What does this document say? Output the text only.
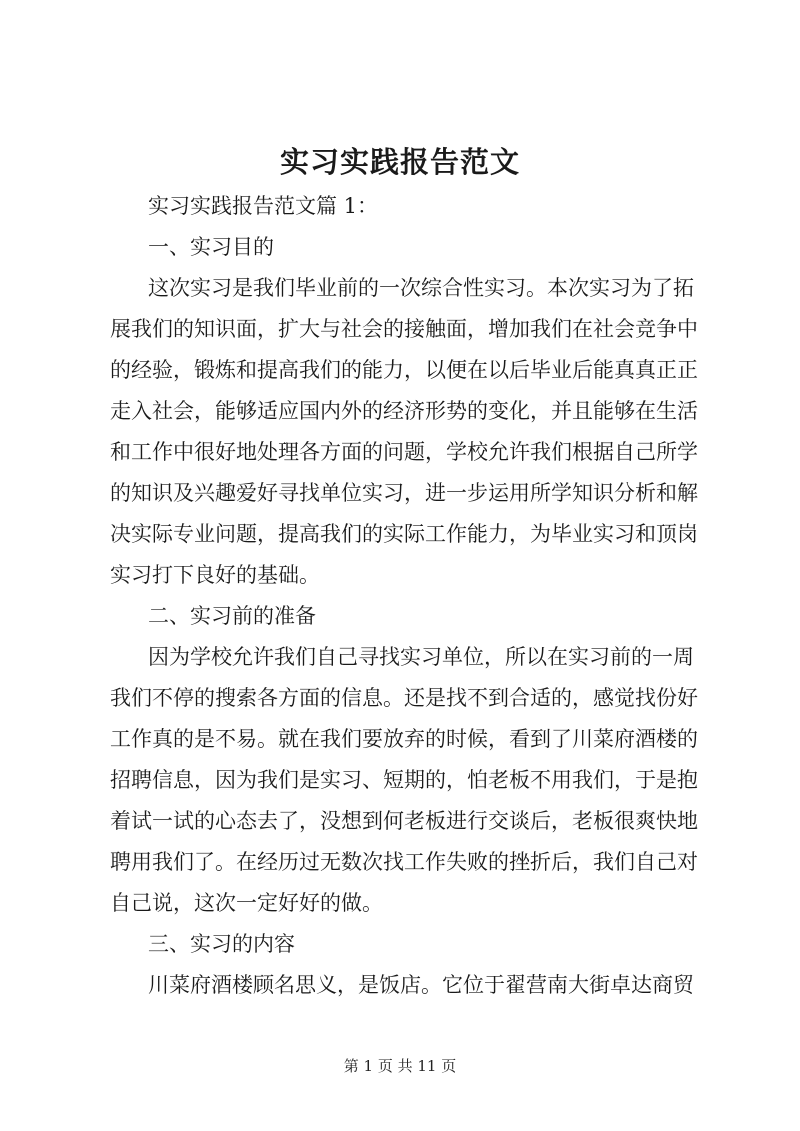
实习实践报告范文
实习实践报告范文篇 1：
一、实习目的
这次实习是我们毕业前的一次综合性实习。本次实习为了拓
展我们的知识面，扩大与社会的接触面，增加我们在社会竞争中
的经验，锻炼和提高我们的能力，以便在以后毕业后能真真正正
走入社会，能够适应国内外的经济形势的变化，并且能够在生活
和工作中很好地处理各方面的问题，学校允许我们根据自己所学
的知识及兴趣爱好寻找单位实习，进一步运用所学知识分析和解
决实际专业问题，提高我们的实际工作能力，为毕业实习和顶岗
实习打下良好的基础。
二、实习前的准备
因为学校允许我们自己寻找实习单位，所以在实习前的一周
我们不停的搜索各方面的信息。还是找不到合适的，感觉找份好
工作真的是不易。就在我们要放弃的时候，看到了川菜府酒楼的
招聘信息，因为我们是实习、短期的，怕老板不用我们，于是抱
着试一试的心态去了，没想到何老板进行交谈后，老板很爽快地
聘用我们了。在经历过无数次找工作失败的挫折后，我们自己对
自己说，这次一定好好的做。
三、实习的内容
川菜府酒楼顾名思义，是饭店。它位于翟营南大街卓达商贸
第 1 页 共 11 页
